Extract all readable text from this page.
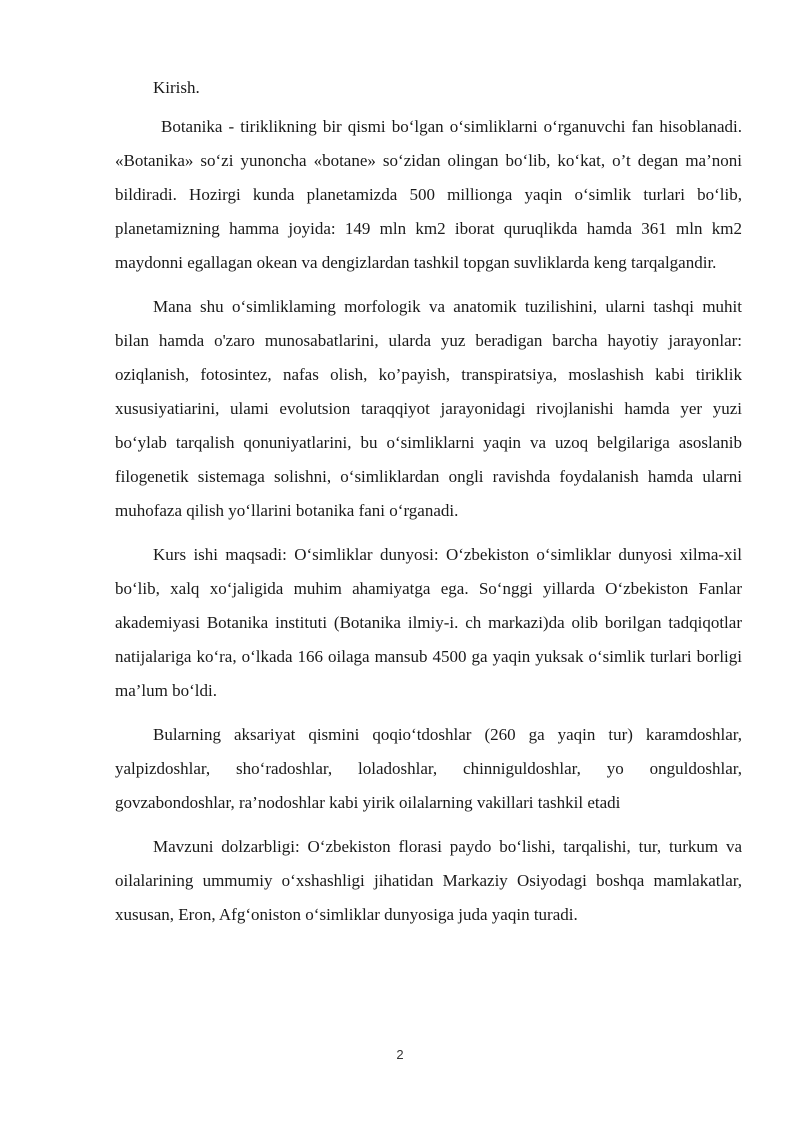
Kirish.

Botanika - tiriklikning bir qismi bo‘lgan o‘simliklarni o‘rganuvchi fan hisoblanadi. «Botanika» so‘zi yunoncha «botane» so‘zidan olingan bo‘lib, ko‘kat, o’t degan ma’noni bildiradi. Hozirgi kunda planetamizda 500 millionga yaqin o‘simlik turlari bo‘lib, planetamizning hamma joyida: 149 mln km2 iborat quruqlikda hamda 361 mln km2 maydonni egallagan okean va dengizlardan tashkil topgan suvliklarda keng tarqalgandir.

Mana shu o‘simliklaming morfologik va anatomik tuzilishini, ularni tashqi muhit bilan hamda o'zaro munosabatlarini, ularda yuz beradigan barcha hayotiy jarayonlar: oziqlanish, fotosintez, nafas olish, ko’payish, transpiratsiya, moslashish kabi tiriklik xususiyatiarini, ulami evolutsion taraqqiyot jarayonidagi rivojlanishi hamda yer yuzi bo‘ylab tarqalish qonuniyatlarini, bu o‘simliklarni yaqin va uzoq belgilariga asoslanib filogenetik sistemaga solishni, o‘simliklardan ongli ravishda foydalanish hamda ularni muhofaza qilish yo‘llarini botanika fani o‘rganadi.

Kurs ishi maqsadi: O‘simliklar dunyosi: O‘zbekiston o‘simliklar dunyosi xilma-xil bo‘lib, xalq xo‘jaligida muhim ahamiyatga ega. So‘nggi yillarda O‘zbekiston Fanlar akademiyasi Botanika instituti (Botanika ilmiy-i. ch markazi)da olib borilgan tadqiqotlar natijalariga ko‘ra, o‘lkada 166 oilaga mansub 4500 ga yaqin yuksak o‘simlik turlari borligi ma’lum bo‘ldi.

Bularning aksariyat qismini qoqio‘tdoshlar (260 ga yaqin tur) karamdoshlar, yalpizdoshlar, sho‘radoshlar, loladoshlar, chinniguldoshlar, yo onguldoshlar, govzabondoshlar, ra’nodoshlar kabi yirik oilalarning vakillari tashkil etadi

Mavzuni dolzarbligi: O‘zbekiston florasi paydo bo‘lishi, tarqalishi, tur, turkum va oilalarining ummumiy o‘xshashligi jihatidan Markaziy Osiyodagi boshqa mamlakatlar, xususan, Eron, Afg‘oniston o‘simliklar dunyosiga juda yaqin turadi.

2
